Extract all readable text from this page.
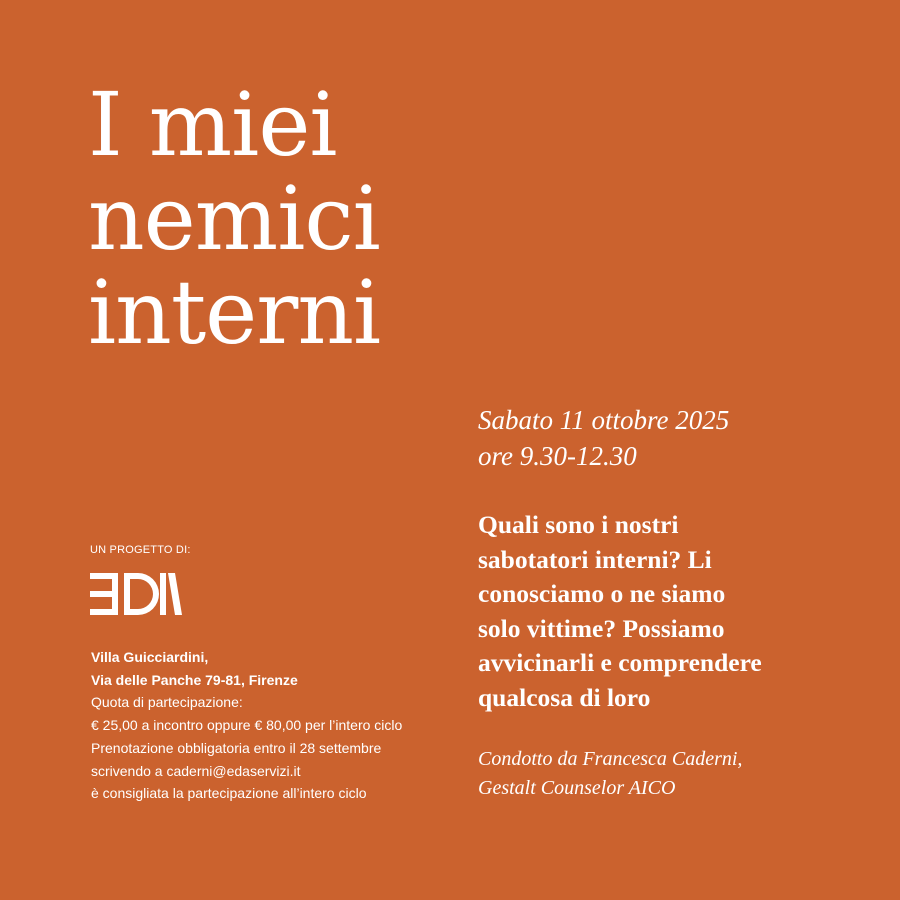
I miei
nemici
interni
Sabato 11 ottobre 2025
ore 9.30-12.30
Quali sono i nostri
sabotatori interni? Li
conosciamo o ne siamo
solo vittime? Possiamo
avvicinarli e comprendere
qualcosa di loro
Condotto da Francesca Caderni,
Gestalt Counselor AICO
UN PROGETTO DI:
Villa Guicciardini,
Via delle Panche 79-81, Firenze
Quota di partecipazione:
€ 25,00 a incontro oppure € 80,00 per l’intero ciclo
Prenotazione obbligatoria entro il 28 settembre
scrivendo a caderni@edaservizi.it
è consigliata la partecipazione all’intero ciclo
